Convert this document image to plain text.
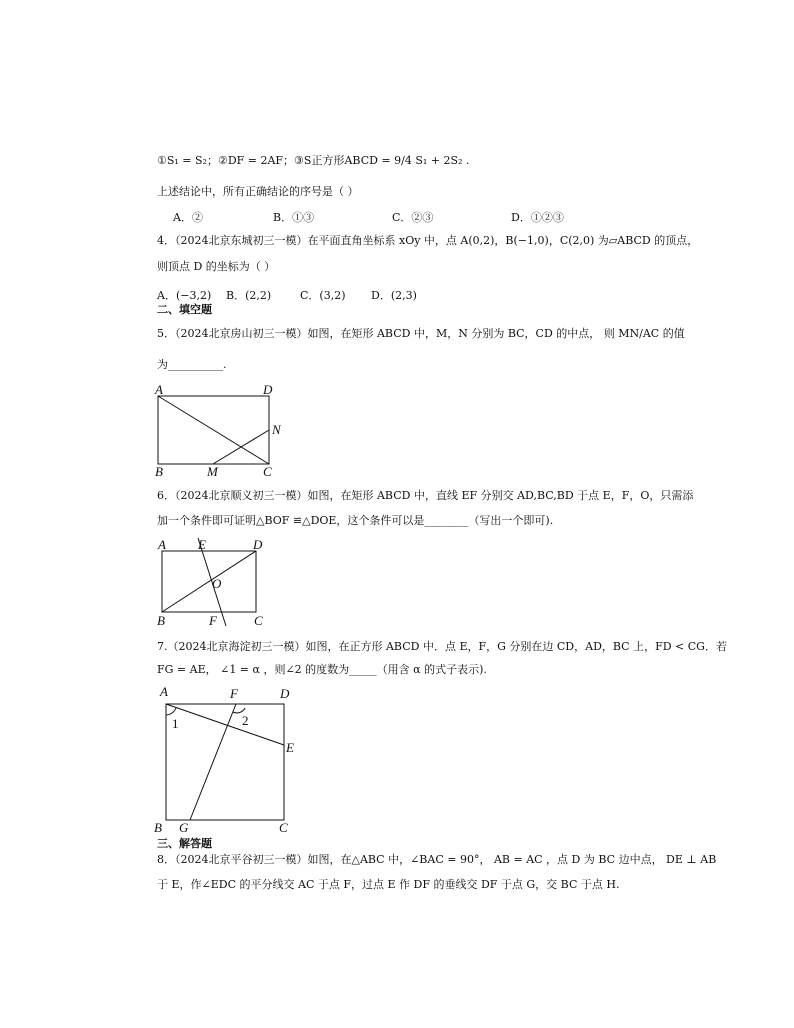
①S₁ = S₂；②DF = 2AF；③S正方形ABCD = 9/4 S₁ + 2S₂ .
上述结论中，所有正确结论的序号是（ ）
A．②	B．①③	C．②③	D．①②③
4．（2024北京东城初三一模）在平面直角坐标系 xOy 中，点 A(0,2)，B(−1,0)，C(2,0) 为▱ABCD 的顶点，
则顶点 D 的坐标为（ ）
A．(−3,2) B．(2,2)	C．(3,2) D．(2,3)
二、填空题
5．（2024北京房山初三一模）如图，在矩形 ABCD 中，M，N 分别为 BC，CD 的中点， 则 MN/AC 的值
为__________.
A	D
N
B	M	C
6．（2024北京顺义初三一模）如图，在矩形 ABCD 中，直线 EF 分别交 AD,BC,BD 于点 E，F，O，只需添
加一个条件即可证明△BOF ≌△DOE，这个条件可以是________（写出一个即可).
A E	D
O
B	F	C
7.（2024北京海淀初三一模）如图，在正方形 ABCD 中．点 E，F，G 分别在边 CD，AD，BC 上，FD < CG．若
FG = AE， ∠1 = α ，则∠2 的度数为_____（用含 α 的式子表示).
A	F	D
1	2
E
B G	C
三、解答题
8．（2024北京平谷初三一模）如图，在△ABC 中，∠BAC = 90°， AB = AC ，点 D 为 BC 边中点， DE ⊥ AB
于 E，作∠EDC 的平分线交 AC 于点 F，过点 E 作 DF 的垂线交 DF 于点 G，交 BC 于点 H.
